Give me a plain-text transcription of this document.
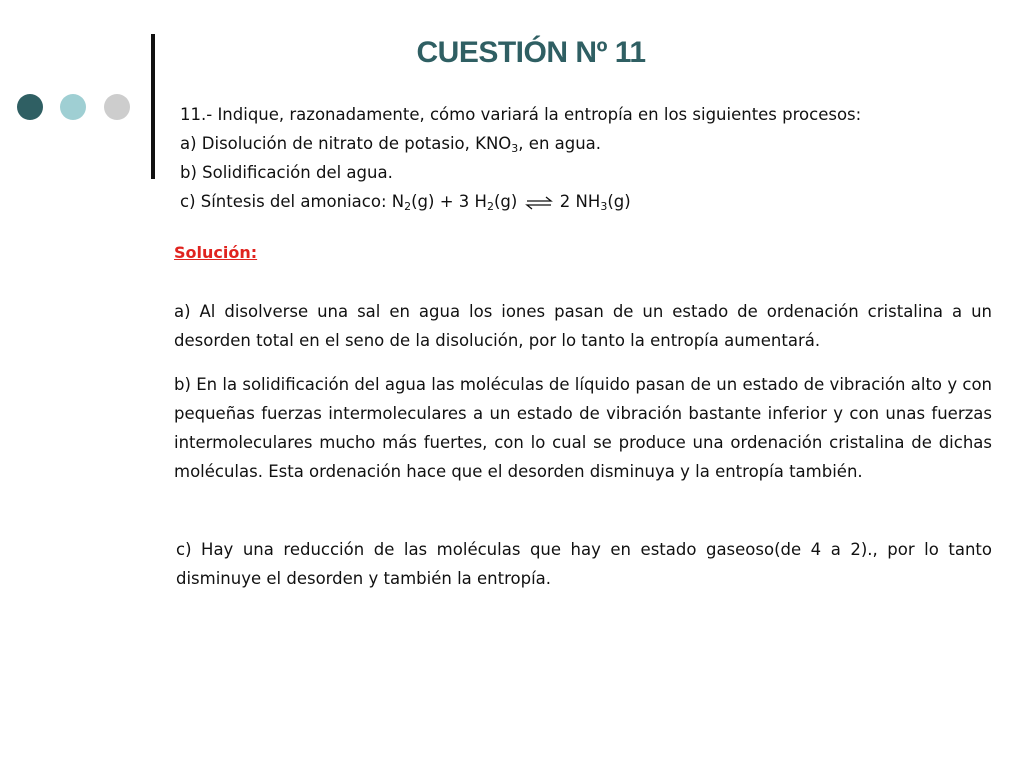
CUESTIÓN Nº 11
11.- Indique, razonadamente, cómo variará la entropía en los siguientes procesos:
a) Disolución de nitrato de potasio, $KNO_3$, en agua.
b) Solidificación del agua.
c) Síntesis del amoniaco: $N_2(g) + 3$ $H_2(g)$ ⇌ 2 $NH_3(g)$
Solución:
a) Al disolverse una sal en agua los iones pasan de un estado de ordenación cristalina a un desorden total en el seno de la disolución, por lo tanto la entropía aumentará.
b) En la solidificación del agua las moléculas de líquido pasan de un estado de vibración alto y con pequeñas fuerzas intermoleculares a un estado de vibración bastante inferior y con unas fuerzas intermoleculares mucho más fuertes, con lo cual se produce una ordenación cristalina de dichas moléculas. Esta ordenación hace que el desorden disminuya y la entropía también.
c) Hay una reducción de las moléculas que hay en estado gaseoso(de 4 a 2)., por lo tanto disminuye el desorden y también la entropía.
